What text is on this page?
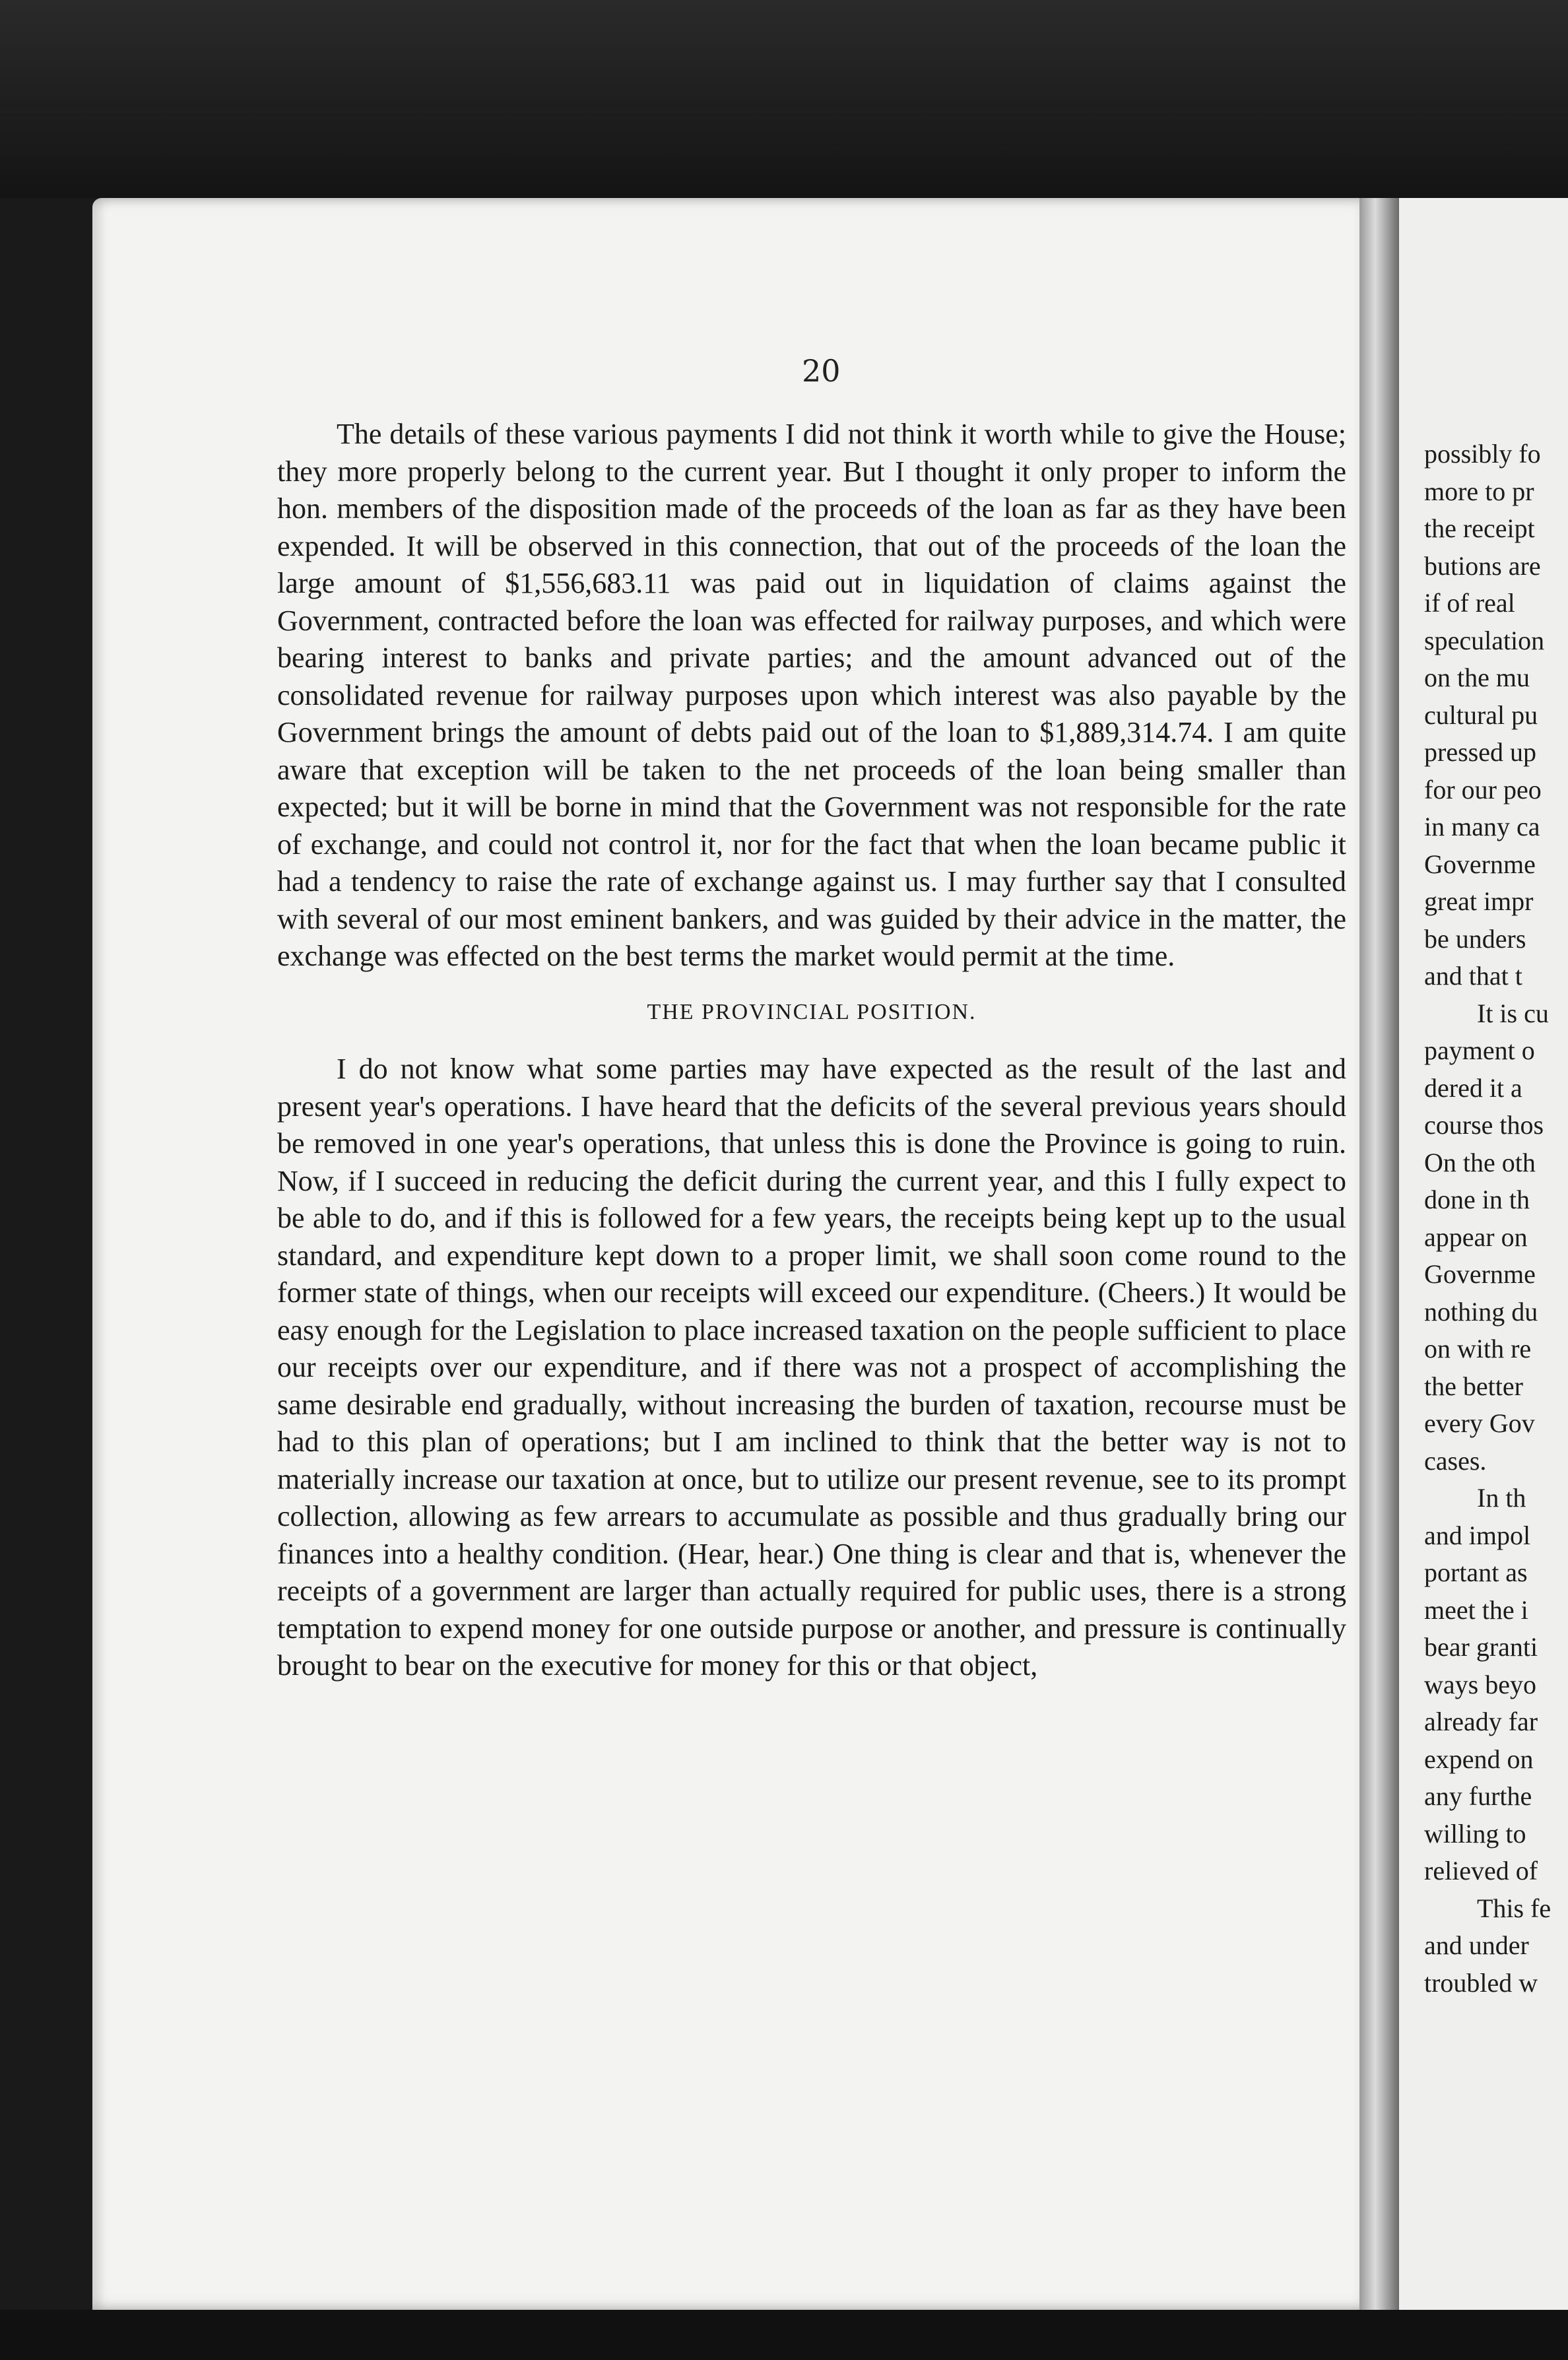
possibly fo
more to pr
the receipt
butions are
if of real
speculation
on the mu
cultural pu
pressed up
for our peo
in many ca
Governme
great impr
be unders
and that t
It is cu
payment o
dered it a
course thos
On the oth
done in th
appear on
Governme
nothing du
on with re
the better
every Gov
cases.
In th
and impol
portant as
meet the i
bear granti
ways beyo
already far
expend on
any furthe
willing to
relieved of
This fe
and under
troubled w
20

The details of these various payments I did not think it worth while to give the House; they more properly belong to the current year. But I thought it only proper to inform the hon. members of the disposition made of the proceeds of the loan as far as they have been expended. It will be observed in this connection, that out of the proceeds of the loan the large amount of $1,556,683.11 was paid out in liquidation of claims against the Government, contracted before the loan was effected for railway purposes, and which were bearing interest to banks and private parties; and the amount advanced out of the consolidated revenue for railway purposes upon which interest was also payable by the Government brings the amount of debts paid out of the loan to $1,889,314.74. I am quite aware that exception will be taken to the net proceeds of the loan being smaller than expected; but it will be borne in mind that the Government was not responsible for the rate of exchange, and could not control it, nor for the fact that when the loan became public it had a tendency to raise the rate of exchange against us. I may further say that I consulted with several of our most eminent bankers, and was guided by their advice in the matter, the exchange was effected on the best terms the market would permit at the time.

THE PROVINCIAL POSITION.

I do not know what some parties may have expected as the result of the last and present year's operations. I have heard that the deficits of the several previous years should be removed in one year's operations, that unless this is done the Province is going to ruin. Now, if I succeed in reducing the deficit during the current year, and this I fully expect to be able to do, and if this is followed for a few years, the receipts being kept up to the usual standard, and expenditure kept down to a proper limit, we shall soon come round to the former state of things, when our receipts will exceed our expenditure. (Cheers.) It would be easy enough for the Legislation to place increased taxation on the people sufficient to place our receipts over our expenditure, and if there was not a prospect of accomplishing the same desirable end gradually, without increasing the burden of taxation, recourse must be had to this plan of operations; but I am inclined to think that the better way is not to materially increase our taxation at once, but to utilize our present revenue, see to its prompt collection, allowing as few arrears to accumulate as possible and thus gradually bring our finances into a healthy condition. (Hear, hear.) One thing is clear and that is, whenever the receipts of a government are larger than actually required for public uses, there is a strong temptation to expend money for one outside purpose or another, and pressure is continually brought to bear on the executive for money for this or that object,
